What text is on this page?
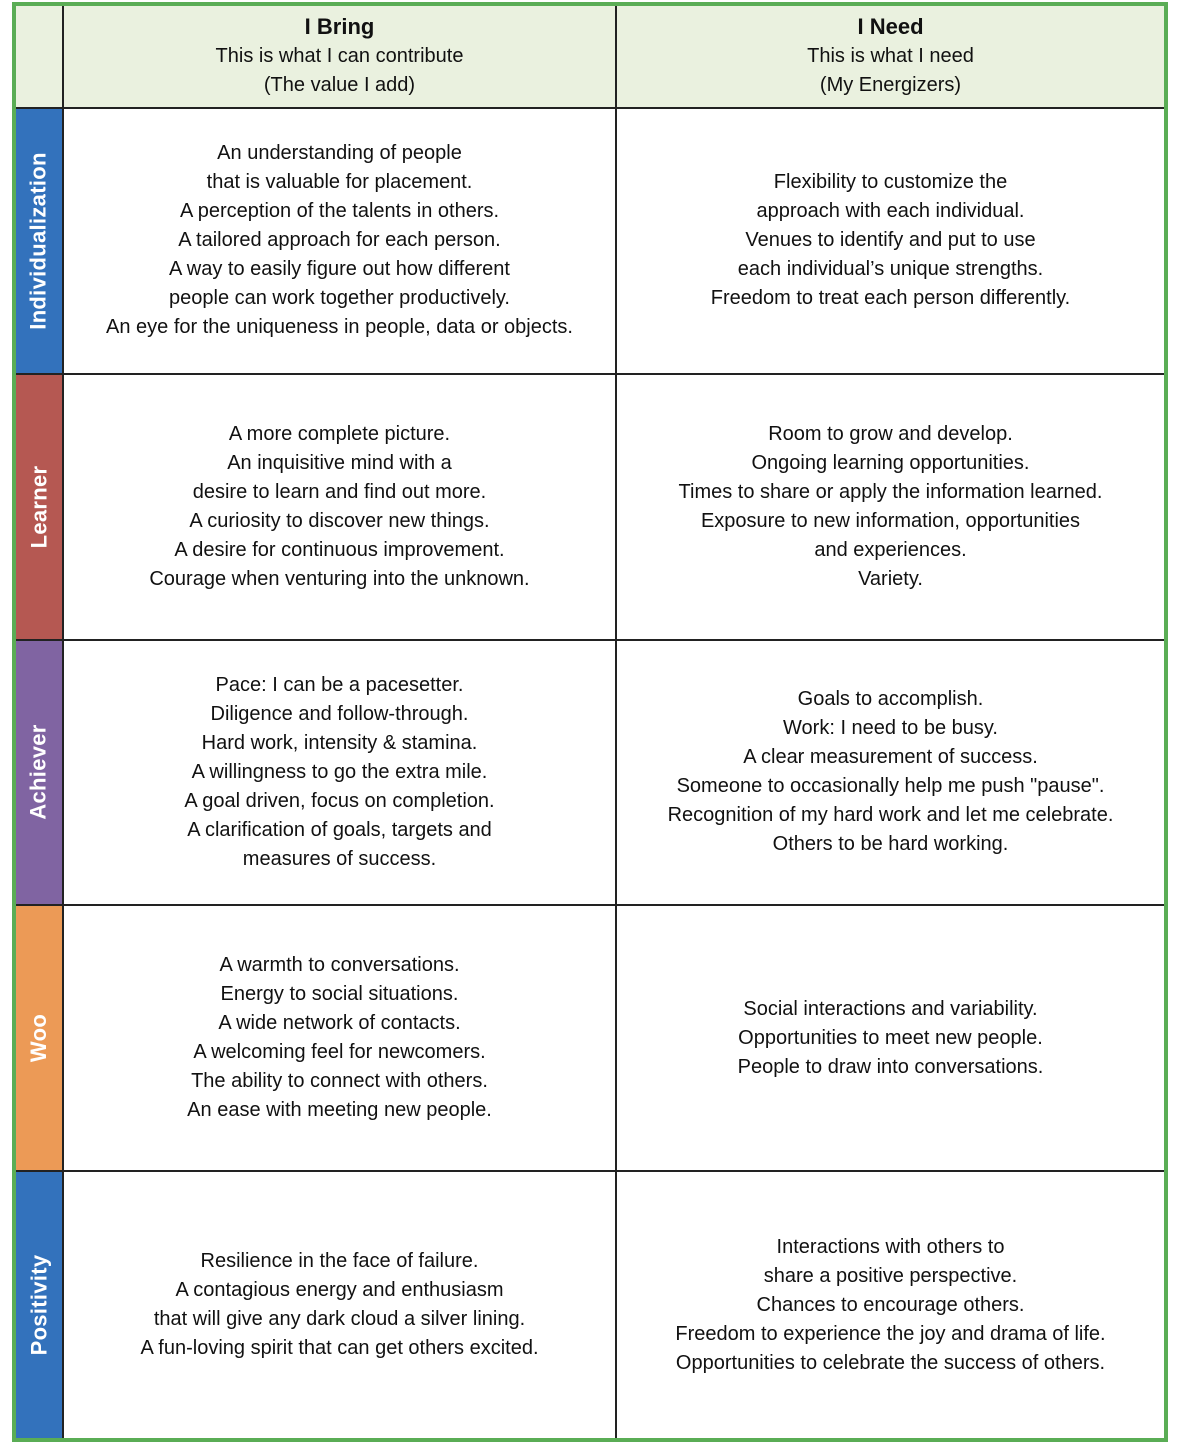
I Bring
This is what I can contribute
(The value I add)
I Need
This is what I need
(My Energizers)
Individualization	An understanding of people
that is valuable for placement.
A perception of the talents in others.
A tailored approach for each person.
A way to easily figure out how different
people can work together productively.
An eye for the uniqueness in people, data or objects.
Flexibility to customize the
approach with each individual.
Venues to identify and put to use
each individual’s unique strengths.
Freedom to treat each person differently.
Learner
A more complete picture.
An inquisitive mind with a
desire to learn and find out more.
A curiosity to discover new things.
A desire for continuous improvement.
Courage when venturing into the unknown.
Room to grow and develop.
Ongoing learning opportunities.
Times to share or apply the information learned.
Exposure to new information, opportunities
and experiences.
Variety.
Achiever
Pace: I can be a pacesetter.
Diligence and follow-through.
Hard work, intensity & stamina.
A willingness to go the extra mile.
A goal driven, focus on completion.
A clarification of goals, targets and
measures of success.
Goals to accomplish.
Work: I need to be busy.
A clear measurement of success.
Someone to occasionally help me push "pause".
Recognition of my hard work and let me celebrate.
Others to be hard working.
Woo
A warmth to conversations.
Energy to social situations.
A wide network of contacts.
A welcoming feel for newcomers.
The ability to connect with others.
An ease with meeting new people.
Social interactions and variability.
Opportunities to meet new people.
People to draw into conversations.
Positivity	Resilience in the face of failure.
A contagious energy and enthusiasm
that will give any dark cloud a silver lining.
A fun-loving spirit that can get others excited.
Interactions with others to
share a positive perspective.
Chances to encourage others.
Freedom to experience the joy and drama of life.
Opportunities to celebrate the success of others.
